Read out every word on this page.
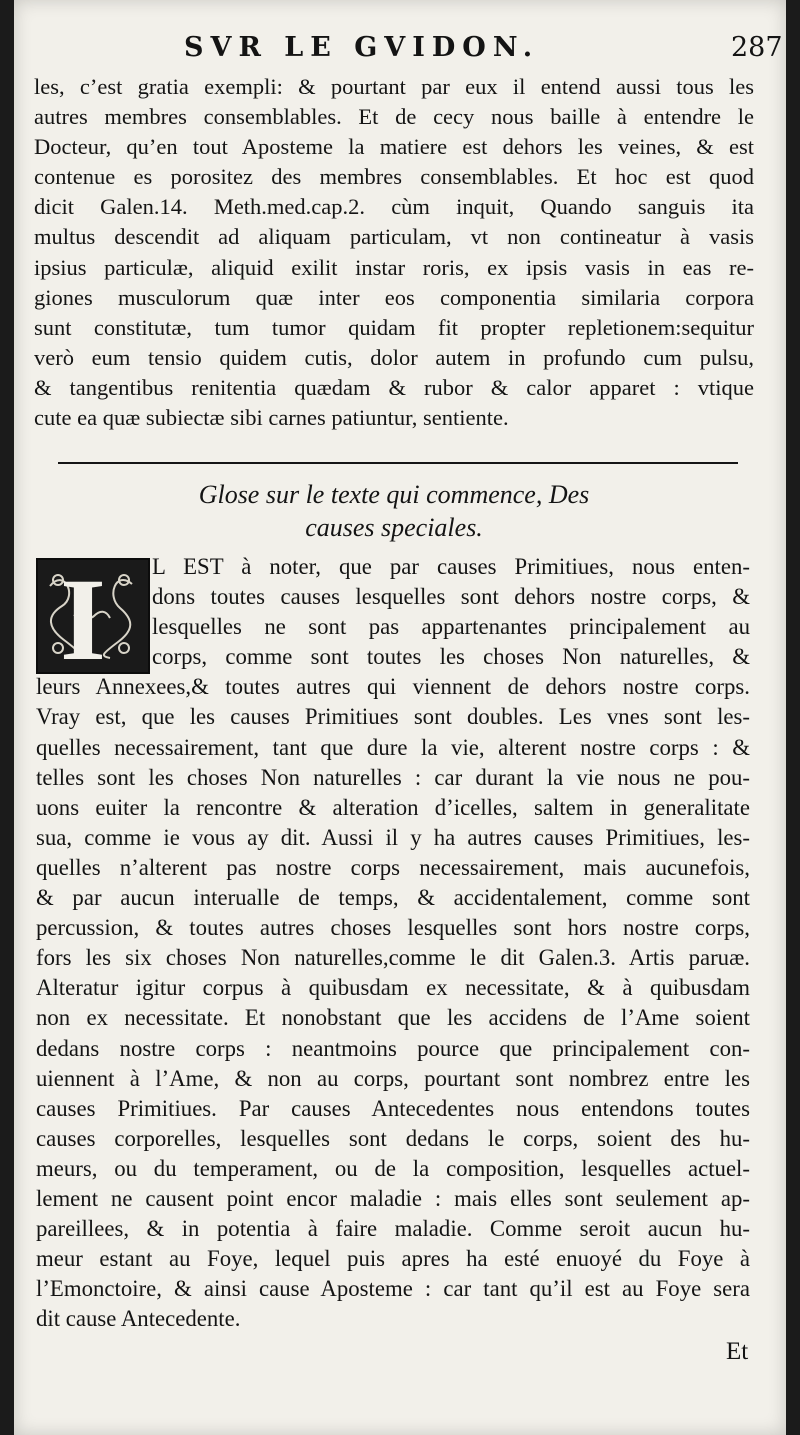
SVR LE GVIDON.	287
les, c’est gratia exempli: & pourtant par eux il entend aussi tous les
autres membres consemblables. Et de cecy nous baille à entendre le
Docteur, qu’en tout Aposteme la matiere est dehors les veines, & est
contenue es porositez des membres consemblables. Et hoc est quod
dicit Galen.14. Meth.med.cap.2. cùm inquit, Quando sanguis ita
multus descendit ad aliquam particulam, vt non contineatur à vasis
ipsius particulæ, aliquid exilit instar roris, ex ipsis vasis in eas re-
giones musculorum quæ inter eos componentia similaria corpora
sunt constitutæ, tum tumor quidam fit propter repletionem:sequitur
verò eum tensio quidem cutis, dolor autem in profundo cum pulsu,
& tangentibus renitentia quædam & rubor & calor apparet : vtique
cute ea quæ subiectæ sibi carnes patiuntur, sentiente.
Glose sur le texte qui commence, Des
causes speciales.
I	L EST à noter, que par causes Primitiues, nous enten-
dons toutes causes lesquelles sont dehors nostre corps, &
lesquelles ne sont pas appartenantes principalement au
corps, comme sont toutes les choses Non naturelles, &
leurs Annexees,& toutes autres qui viennent de dehors nostre corps.
Vray est, que les causes Primitiues sont doubles. Les vnes sont les-
quelles necessairement, tant que dure la vie, alterent nostre corps : &
telles sont les choses Non naturelles : car durant la vie nous ne pou-
uons euiter la rencontre & alteration d’icelles, saltem in generalitate
sua, comme ie vous ay dit. Aussi il y ha autres causes Primitiues, les-
quelles n’alterent pas nostre corps necessairement, mais aucunefois,
& par aucun interualle de temps, & accidentalement, comme sont
percussion, & toutes autres choses lesquelles sont hors nostre corps,
fors les six choses Non naturelles,comme le dit Galen.3. Artis paruæ.
Alteratur igitur corpus à quibusdam ex necessitate, & à quibusdam
non ex necessitate. Et nonobstant que les accidens de l’Ame soient
dedans nostre corps : neantmoins pource que principalement con-
uiennent à l’Ame, & non au corps, pourtant sont nombrez entre les
causes Primitiues. Par causes Antecedentes nous entendons toutes
causes corporelles, lesquelles sont dedans le corps, soient des hu-
meurs, ou du temperament, ou de la composition, lesquelles actuel-
lement ne causent point encor maladie : mais elles sont seulement ap-
pareillees, & in potentia à faire maladie. Comme seroit aucun hu-
meur estant au Foye, lequel puis apres ha esté enuoyé du Foye à
l’Emonctoire, & ainsi cause Aposteme : car tant qu’il est au Foye sera
dit cause Antecedente.
Et
